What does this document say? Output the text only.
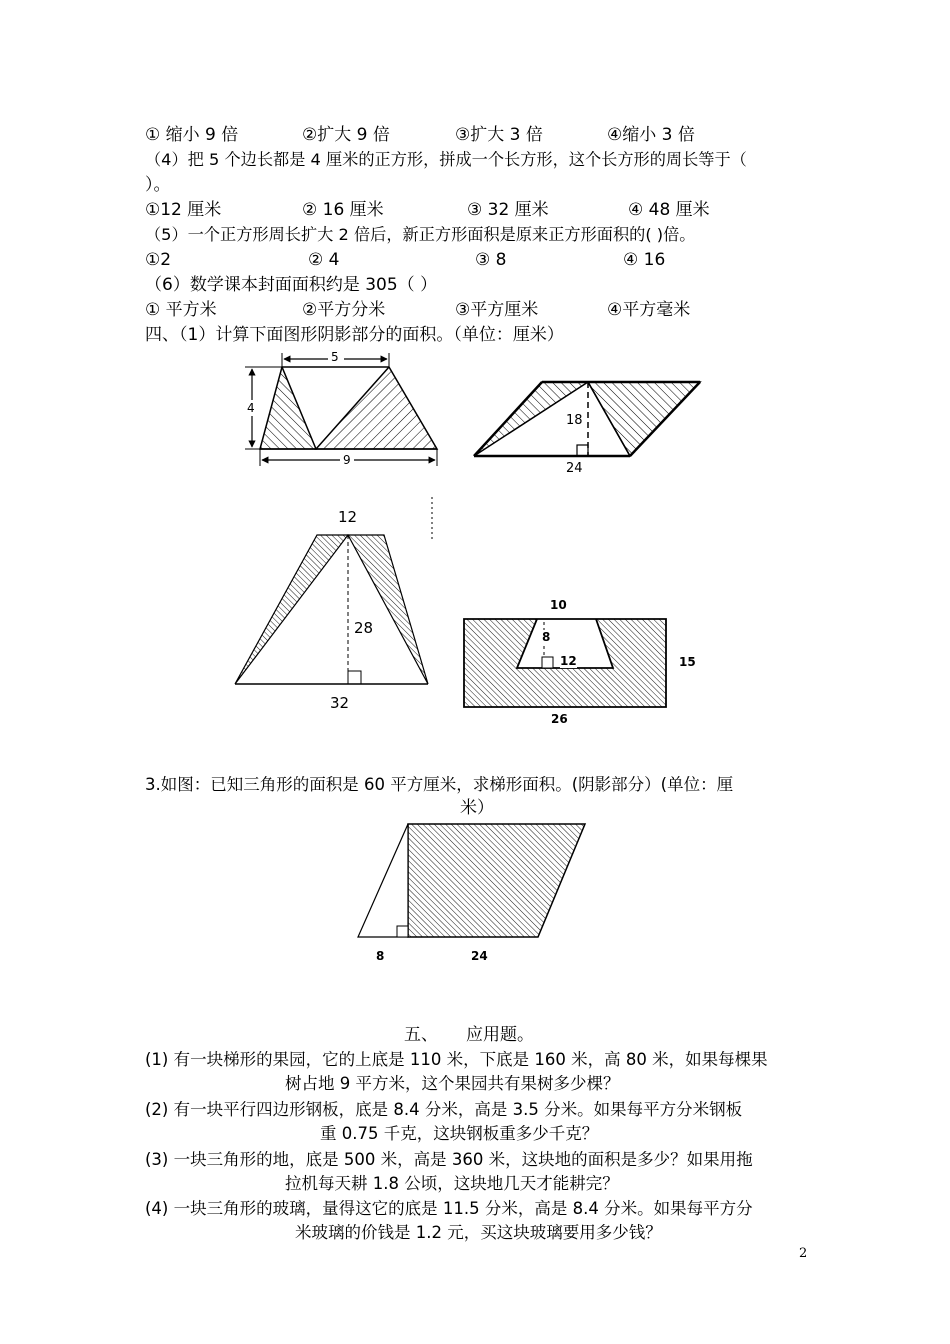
① 缩小 9 倍	②扩大 9 倍	③扩大 3 倍	④缩小 3 倍
（4）把 5 个边长都是 4 厘米的正方形，拼成一个长方形，这个长方形的周长等于（
）。
①12 厘米	② 16 厘米	③ 32 厘米	④ 48 厘米
（5）一个正方形周长扩大 2 倍后，新正方形面积是原来正方形面积的( )倍。
①2	② 4	③ 8	④ 16
（6）数学课本封面面积约是 305（ ）
① 平方米	②平方分米	③平方厘米	④平方毫米
四、（1）计算下面图形阴影部分的面积。（单位：厘米）
5
4
9
18
24
12
28
32
10
8
12	15
26
3.如图：已知三角形的面积是 60 平方厘米，求梯形面积。(阴影部分）(单位：厘
米）
8	24
五、 应用题。
(1) 有一块梯形的果园，它的上底是 110 米，下底是 160 米，高 80 米，如果每棵果
树占地 9 平方米，这个果园共有果树多少棵？
(2) 有一块平行四边形钢板，底是 8.4 分米，高是 3.5 分米。如果每平方分米钢板
重 0.75 千克，这块钢板重多少千克？
(3) 一块三角形的地，底是 500 米，高是 360 米，这块地的面积是多少？如果用拖
拉机每天耕 1.8 公顷，这块地几天才能耕完？
(4) 一块三角形的玻璃，量得这它的底是 11.5 分米，高是 8.4 分米。如果每平方分
米玻璃的价钱是 1.2 元，买这块玻璃要用多少钱？
2
